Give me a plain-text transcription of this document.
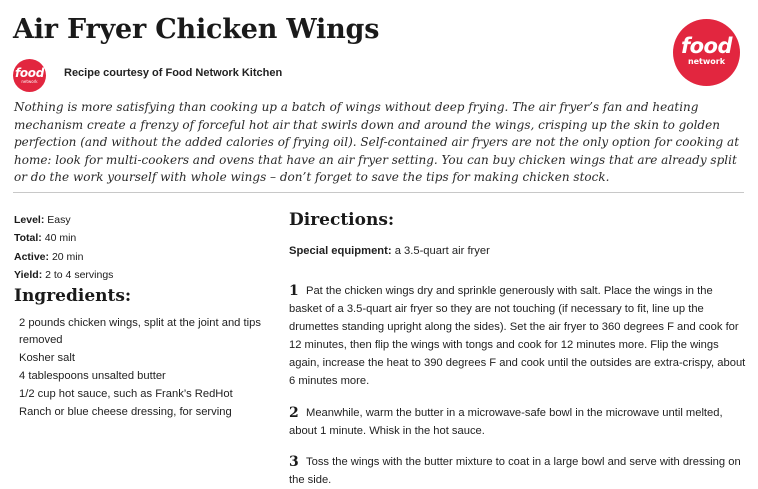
Air Fryer Chicken Wings
food
network
food
network
Recipe courtesy of Food Network Kitchen

Nothing is more satisfying than cooking up a batch of wings without deep frying. The air fryer’s fan and heating mechanism create a frenzy of forceful hot air that swirls down and around the wings, crisping up the skin to golden perfection (and without the added calories of frying oil). Self-contained air fryers are not the only option for cooking at home: look for multi-cookers and ovens that have an air fryer setting. You can buy chicken wings that are already split or do the work yourself with whole wings – don’t forget to save the tips for making chicken stock.

Level: Easy
Total: 40 min
Active: 20 min
Yield: 2 to 4 servings
Ingredients:
2 pounds chicken wings, split at the joint and tips removed
Kosher salt
4 tablespoons unsalted butter
1/2 cup hot sauce, such as Frank’s RedHot
Ranch or blue cheese dressing, for serving
Directions:
Special equipment: a 3.5-quart air fryer
1 Pat the chicken wings dry and sprinkle generously with salt. Place the wings in the basket of a 3.5-quart air fryer so they are not touching (if necessary to fit, line up the drumettes standing upright along the sides). Set the air fryer to 360 degrees F and cook for 12 minutes, then flip the wings with tongs and cook for 12 minutes more. Flip the wings again, increase the heat to 390 degrees F and cook until the outsides are extra-crispy, about 6 minutes more.
2 Meanwhile, warm the butter in a microwave-safe bowl in the microwave until melted, about 1 minute. Whisk in the hot sauce.
3 Toss the wings with the butter mixture to coat in a large bowl and serve with dressing on the side.
